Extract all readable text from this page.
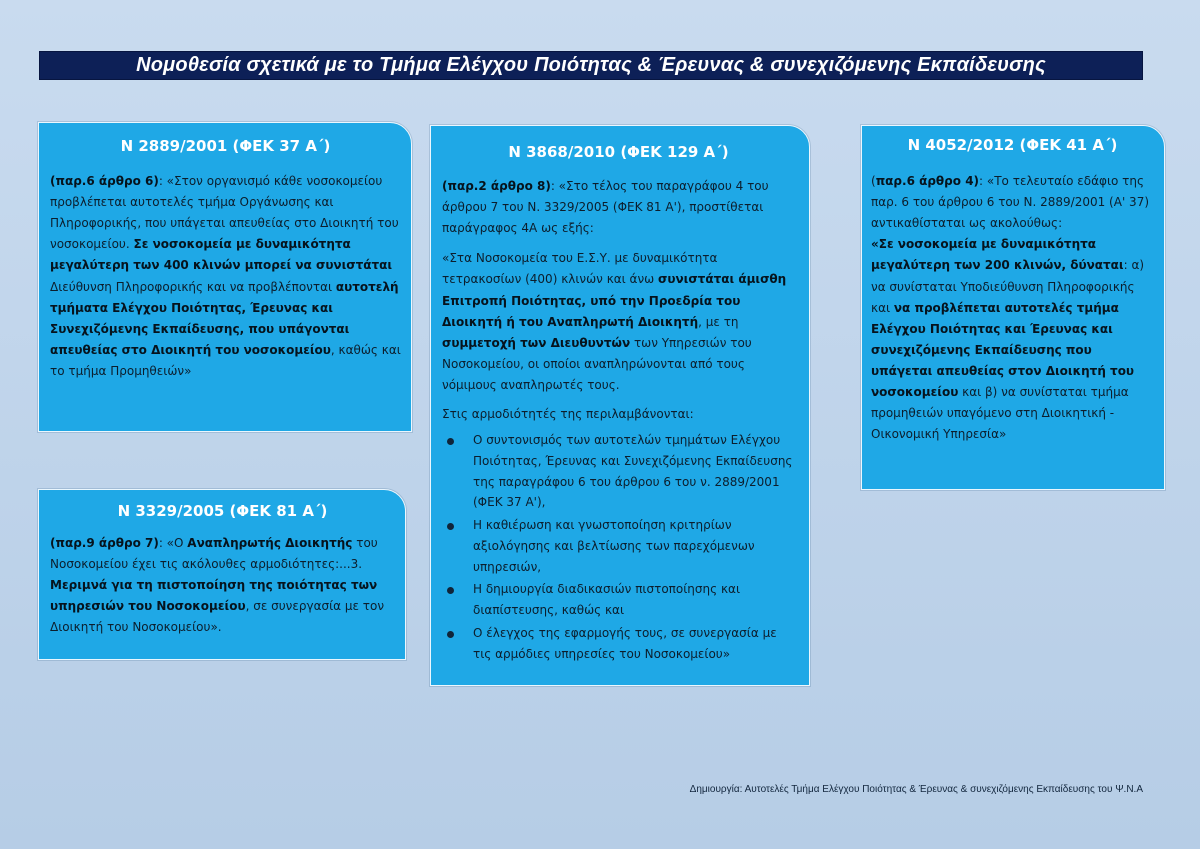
Νομοθεσία σχετικά με το Τμήμα Ελέγχου Ποιότητας & Έρευνας & συνεχιζόμενης Εκπαίδευσης
Ν 2889/2001 (ΦΕΚ 37 Α΄)

(παρ.6 άρθρο 6): «Στον οργανισμό κάθε νοσοκομείου προβλέπεται αυτοτελές τμήμα Οργάνωσης και Πληροφορικής, που υπάγεται απευθείας στο Διοικητή του νοσοκομείου. Σε νοσοκομεία με δυναμικότητα μεγαλύτερη των 400 κλινών μπορεί να συνιστάται Διεύθυνση Πληροφορικής και να προβλέπονται αυτοτελή τμήματα Ελέγχου Ποιότητας, Έρευνας και Συνεχιζόμενης Εκπαίδευσης, που υπάγονται απευθείας στο Διοικητή του νοσοκομείου, καθώς και το τμήμα Προμηθειών»

Ν 3329/2005 (ΦΕΚ 81 Α΄)

(παρ.9 άρθρο 7): «Ο Αναπληρωτής Διοικητής του Νοσοκομείου έχει τις ακόλουθες αρμοδιότητες:...3. Μεριμνά για τη πιστοποίηση της ποιότητας των υπηρεσιών του Νοσοκομείου, σε συνεργασία με τον Διοικητή του Νοσοκομείου».

Ν 3868/2010 (ΦΕΚ 129 Α΄)

(παρ.2 άρθρο 8): «Στο τέλος του παραγράφου 4 του άρθρου 7 του Ν. 3329/2005 (ΦΕΚ 81 Α'), προστίθεται παράγραφος 4Α ως εξής:

«Στα Νοσοκομεία του Ε.Σ.Υ. με δυναμικότητα τετρακοσίων (400) κλινών και άνω συνιστάται άμισθη Επιτροπή Ποιότητας, υπό την Προεδρία του Διοικητή ή του Αναπληρωτή Διοικητή, με τη συμμετοχή των Διευθυντών των Υπηρεσιών του Νοσοκομείου, οι οποίοι αναπληρώνονται από τους νόμιμους αναπληρωτές τους.

Στις αρμοδιότητές της περιλαμβάνονται:

Ο συντονισμός των αυτοτελών τμημάτων Ελέγχου Ποιότητας, Έρευνας και Συνεχιζόμενης Εκπαίδευσης της παραγράφου 6 του άρθρου 6 του ν. 2889/2001 (ΦΕΚ 37 Α'),
Η καθιέρωση και γνωστοποίηση κριτηρίων αξιολόγησης και βελτίωσης των παρεχόμενων υπηρεσιών,
Η δημιουργία διαδικασιών πιστοποίησης και διαπίστευσης, καθώς και
Ο έλεγχος της εφαρμογής τους, σε συνεργασία με τις αρμόδιες υπηρεσίες του Νοσοκομείου»
Ν 4052/2012 (ΦΕΚ 41 Α΄)

(παρ.6 άρθρο 4): «Το τελευταίο εδάφιο της παρ. 6 του άρθρου 6 του Ν. 2889/2001 (Α' 37) αντικαθίσταται ως ακολούθως:

«Σε νοσοκομεία με δυναμικότητα μεγαλύτερη των 200 κλινών, δύναται: α) να συνίσταται Υποδιεύθυνση Πληροφορικής και να προβλέπεται αυτοτελές τμήμα Ελέγχου Ποιότητας και Έρευνας και συνεχιζόμενης Εκπαίδευσης που υπάγεται απευθείας στον Διοικητή του νοσοκομείου και β) να συνίσταται τμήμα προμηθειών υπαγόμενο στη Διοικητική - Οικονομική Υπηρεσία»

Δημιουργία: Αυτοτελές Τμήμα Ελέγχου Ποιότητας & Έρευνας & συνεχιζόμενης Εκπαίδευσης του Ψ.Ν.Α
